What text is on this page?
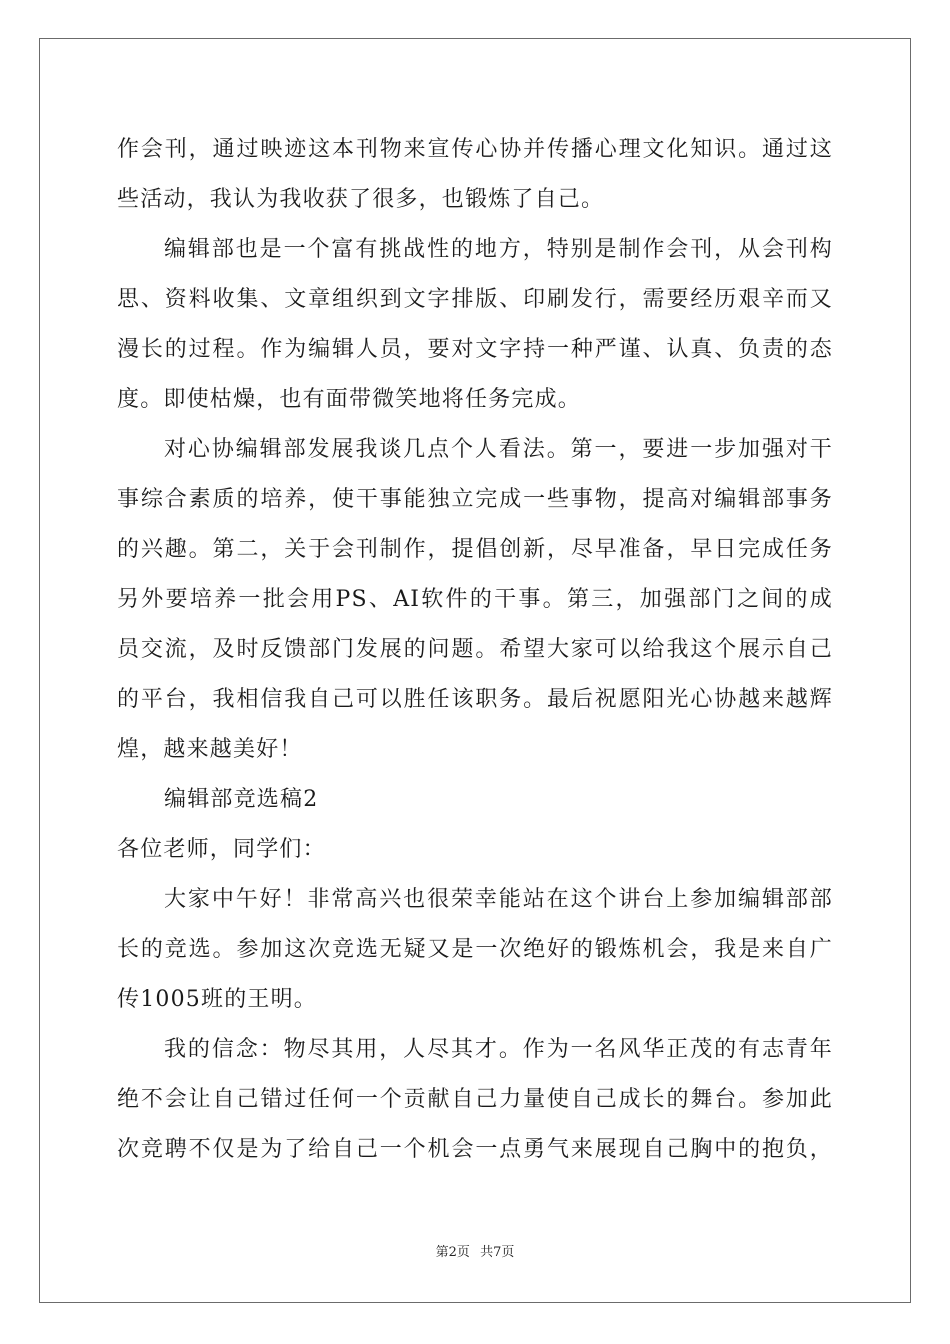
作会刊，通过映迹这本刊物来宣传心协并传播心理文化知识。通过这
些活动，我认为我收获了很多，也锻炼了自己。
编辑部也是一个富有挑战性的地方，特别是制作会刊，从会刊构
思、资料收集、文章组织到文字排版、印刷发行，需要经历艰辛而又
漫长的过程。作为编辑人员，要对文字持一种严谨、认真、负责的态
度。即使枯燥，也有面带微笑地将任务完成。
对心协编辑部发展我谈几点个人看法。第一，要进一步加强对干
事综合素质的培养，使干事能独立完成一些事物，提高对编辑部事务
的兴趣。第二，关于会刊制作，提倡创新，尽早准备，早日完成任务
另外要培养一批会用PS、AI软件的干事。第三，加强部门之间的成
员交流，及时反馈部门发展的问题。希望大家可以给我这个展示自己
的平台，我相信我自己可以胜任该职务。最后祝愿阳光心协越来越辉
煌，越来越美好！
编辑部竞选稿2
各位老师，同学们：
大家中午好！非常高兴也很荣幸能站在这个讲台上参加编辑部部
长的竞选。参加这次竞选无疑又是一次绝好的锻炼机会，我是来自广
传1005班的王明。
我的信念：物尽其用，人尽其才。作为一名风华正茂的有志青年
绝不会让自己错过任何一个贡献自己力量使自己成长的舞台。参加此
次竞聘不仅是为了给自己一个机会一点勇气来展现自己胸中的抱负，
第2页 共7页
